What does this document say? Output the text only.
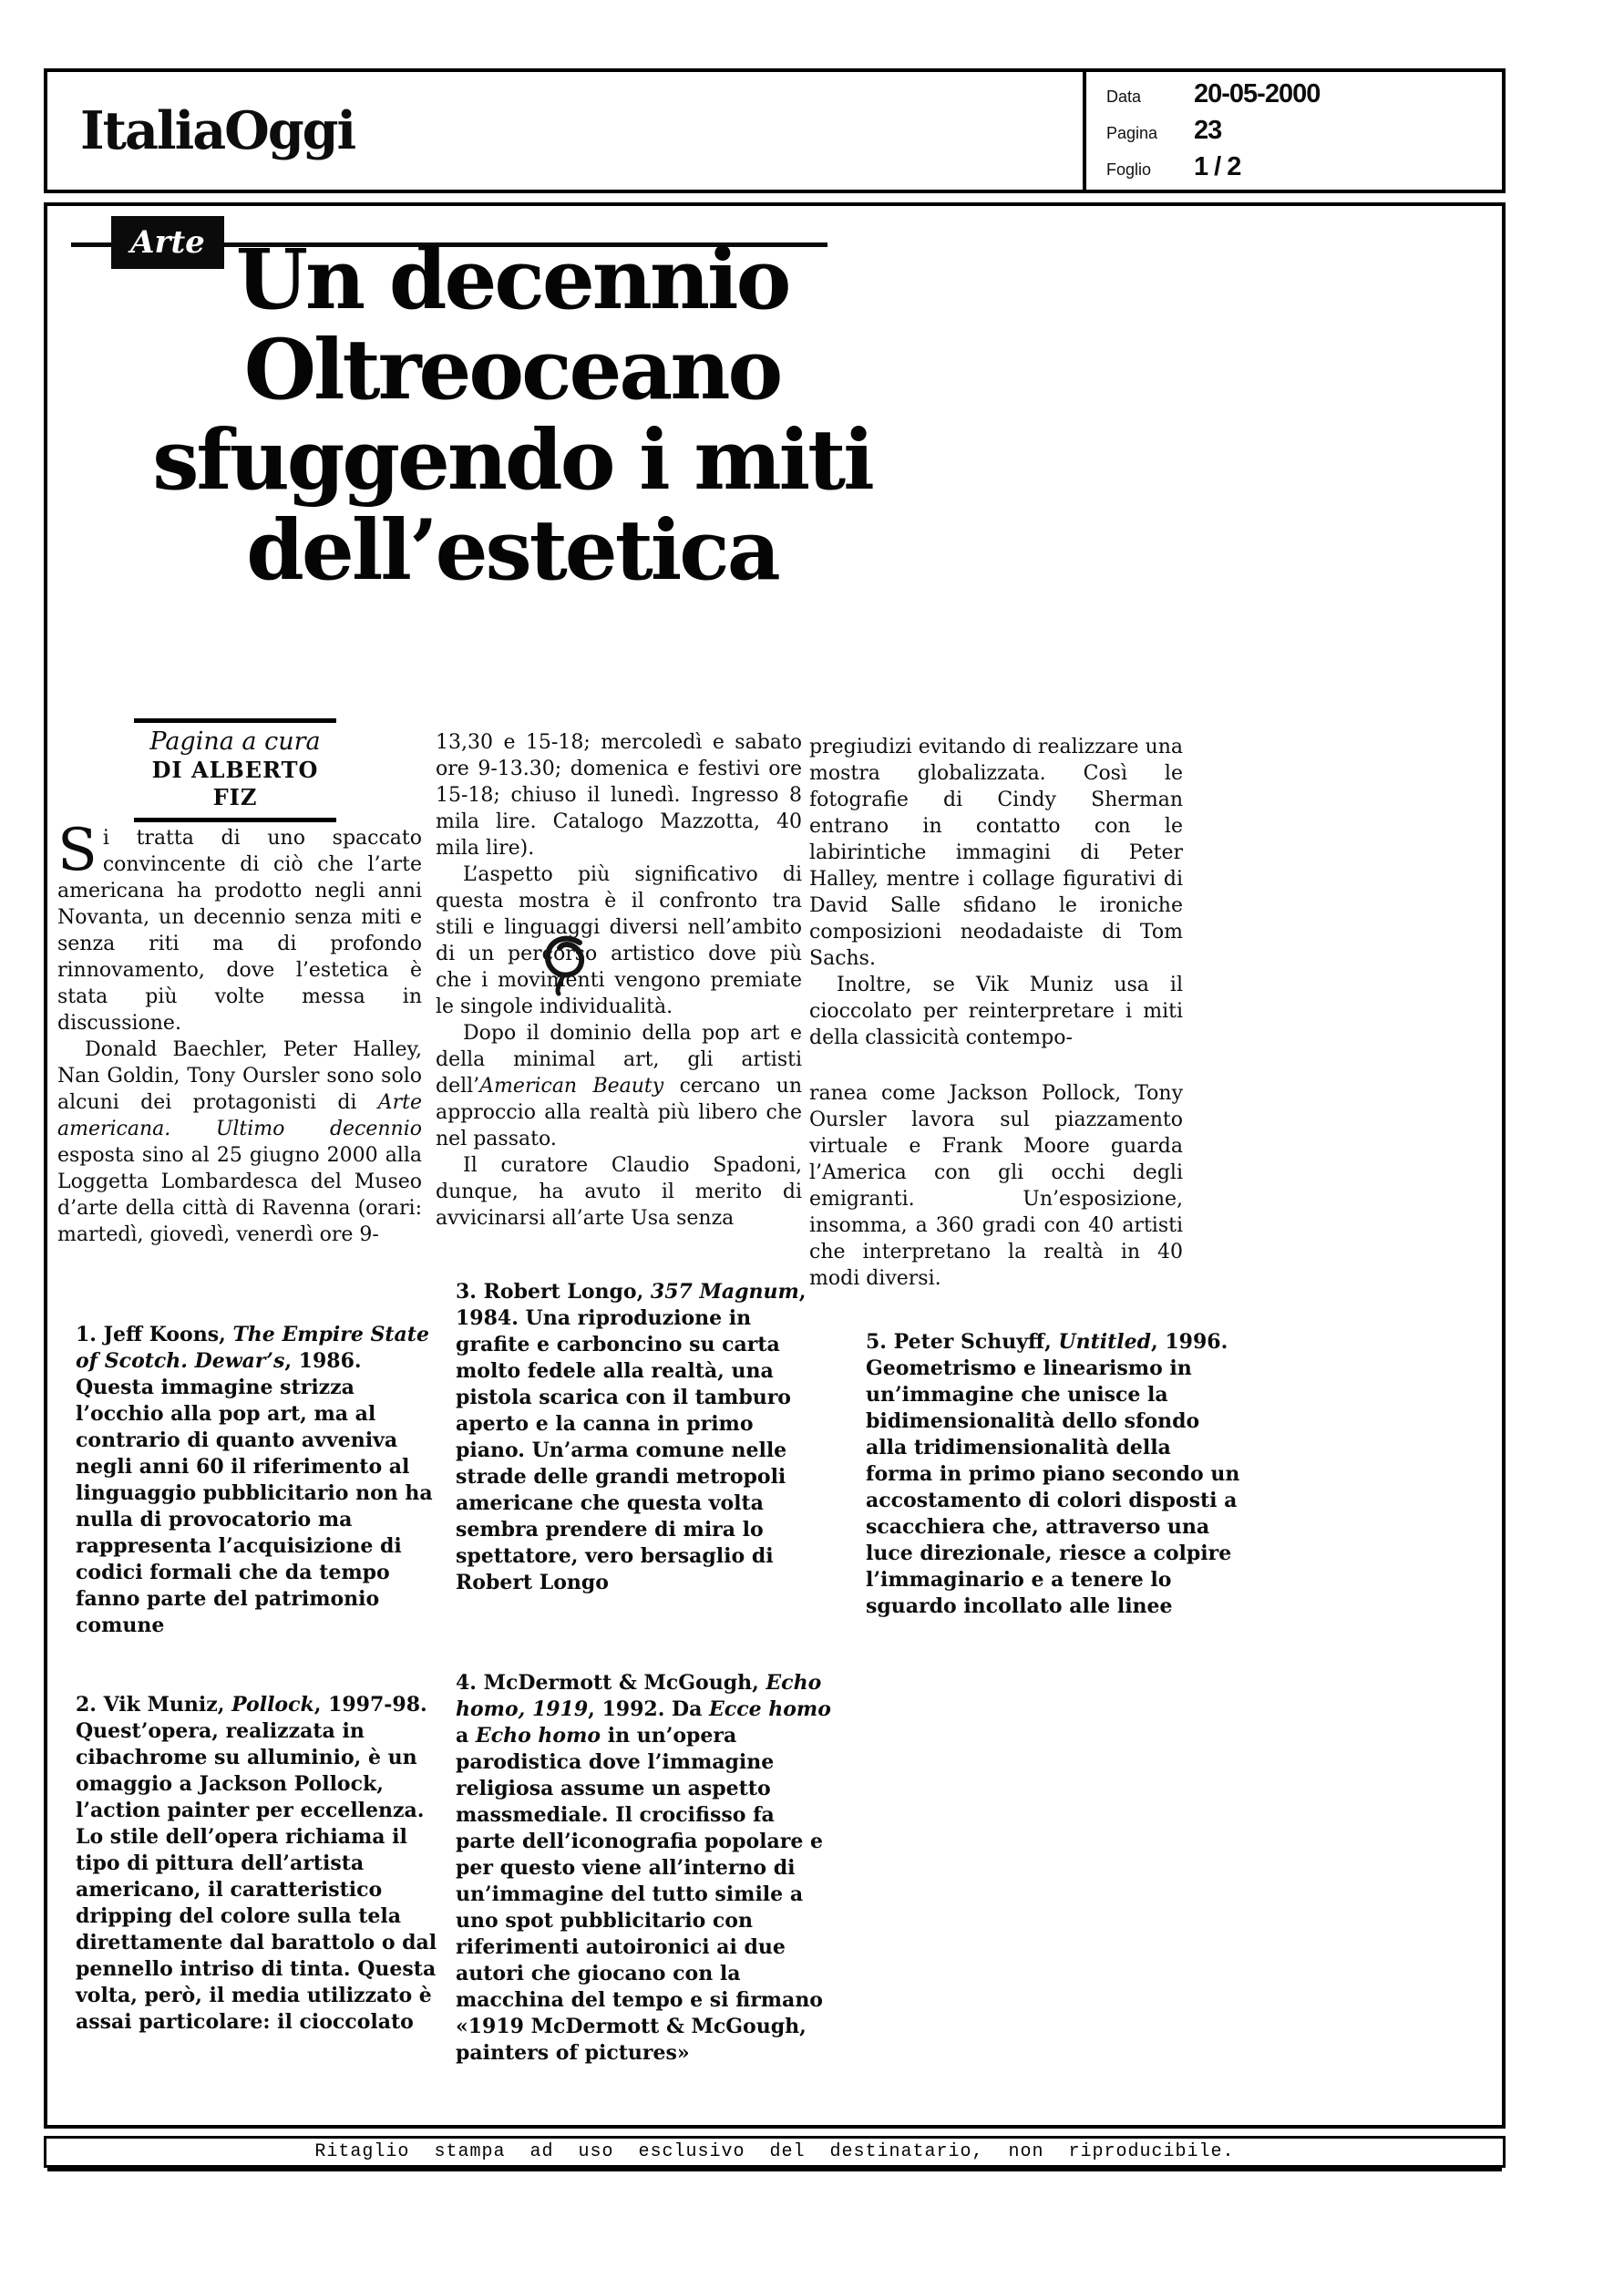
ItaliaOggi
Data	20-05-2000
Pagina	23
Foglio	1 / 2
Arte Un decennio
Oltreoceano
sfuggendo i miti
dell’estetica
Pagina a cura
DI ALBERTO FIZ

Si tratta di uno spaccato convincente di ciò che l’arte americana ha prodotto negli anni Novanta, un decennio senza miti e senza riti ma di profondo rinnovamento, dove l’estetica è stata più volte messa in discussione.

Donald Baechler, Peter Halley, Nan Goldin, Tony Oursler sono solo alcuni dei protagonisti di Arte americana. Ultimo decennio esposta sino al 25 giugno 2000 alla Loggetta Lombardesca del Museo d’arte della città di Ravenna (orari: martedì, giovedì, venerdì ore 9-

13,30 e 15-18; mercoledì e sabato ore 9-13.30; domenica e festivi ore 15-18; chiuso il lunedì. Ingresso 8 mila lire. Catalogo Mazzotta, 40 mila lire).

L’aspetto più significativo di questa mostra è il confronto tra stili e linguaggi diversi nell’ambito di un percorso artistico dove più che i movimenti vengono premiate le singole individualità.

Dopo il dominio della pop art e della minimal art, gli artisti dell’American Beauty cercano un approccio alla realtà più libero che nel passato.

Il curatore Claudio Spadoni, dunque, ha avuto il merito di avvicinarsi all’arte Usa senza

pregiudizi evitando di realizzare una mostra globalizzata. Così le fotografie di Cindy Sherman entrano in contatto con le labirintiche immagini di Peter Halley, mentre i collage figurativi di David Salle sfidano le ironiche composizioni neodadaiste di Tom Sachs.

Inoltre, se Vik Muniz usa il cioccolato per reinterpretare i miti della classicità contempo-

ranea come Jackson Pollock, Tony Oursler lavora sul piazzamento virtuale e Frank Moore guarda l’America con gli occhi degli emigranti. Un’esposizione, insomma, a 360 gradi con 40 artisti che interpretano la realtà in 40 modi diversi.

1. Jeff Koons, The Empire State of Scotch. Dewar’s, 1986. Questa immagine strizza l’occhio alla pop art, ma al contrario di quanto avveniva negli anni 60 il riferimento al linguaggio pubblicitario non ha nulla di provocatorio ma rappresenta l’acquisizione di codici formali che da tempo fanno parte del patrimonio comune

2. Vik Muniz, Pollock, 1997-98. Quest’opera, realizzata in cibachrome su alluminio, è un omaggio a Jackson Pollock, l’action painter per eccellenza. Lo stile dell’opera richiama il tipo di pittura dell’artista americano, il caratteristico dripping del colore sulla tela direttamente dal barattolo o dal pennello intriso di tinta. Questa volta, però, il media utilizzato è assai particolare: il cioccolato

3. Robert Longo, 357 Magnum, 1984. Una riproduzione in grafite e carboncino su carta molto fedele alla realtà, una pistola scarica con il tamburo aperto e la canna in primo piano. Un’arma comune nelle strade delle grandi metropoli americane che questa volta sembra prendere di mira lo spettatore, vero bersaglio di Robert Longo

4. McDermott & McGough, Echo homo, 1919, 1992. Da Ecce homo a Echo homo in un’opera parodistica dove l’immagine religiosa assume un aspetto massmediale. Il crocifisso fa parte dell’iconografia popolare e per questo viene all’interno di un’immagine del tutto simile a uno spot pubblicitario con riferimenti autoironici ai due autori che giocano con la macchina del tempo e si firmano «1919 McDermott & McGough, painters of pictures»

5. Peter Schuyff, Untitled, 1996. Geometrismo e linearismo in un’immagine che unisce la bidimensionalità dello sfondo alla tridimensionalità della forma in primo piano secondo un accostamento di colori disposti a scacchiera che, attraverso una luce direzionale, riesce a colpire l’immaginario e a tenere lo sguardo incollato alle linee

Ritaglio stampa ad uso esclusivo del destinatario, non riproducibile.
